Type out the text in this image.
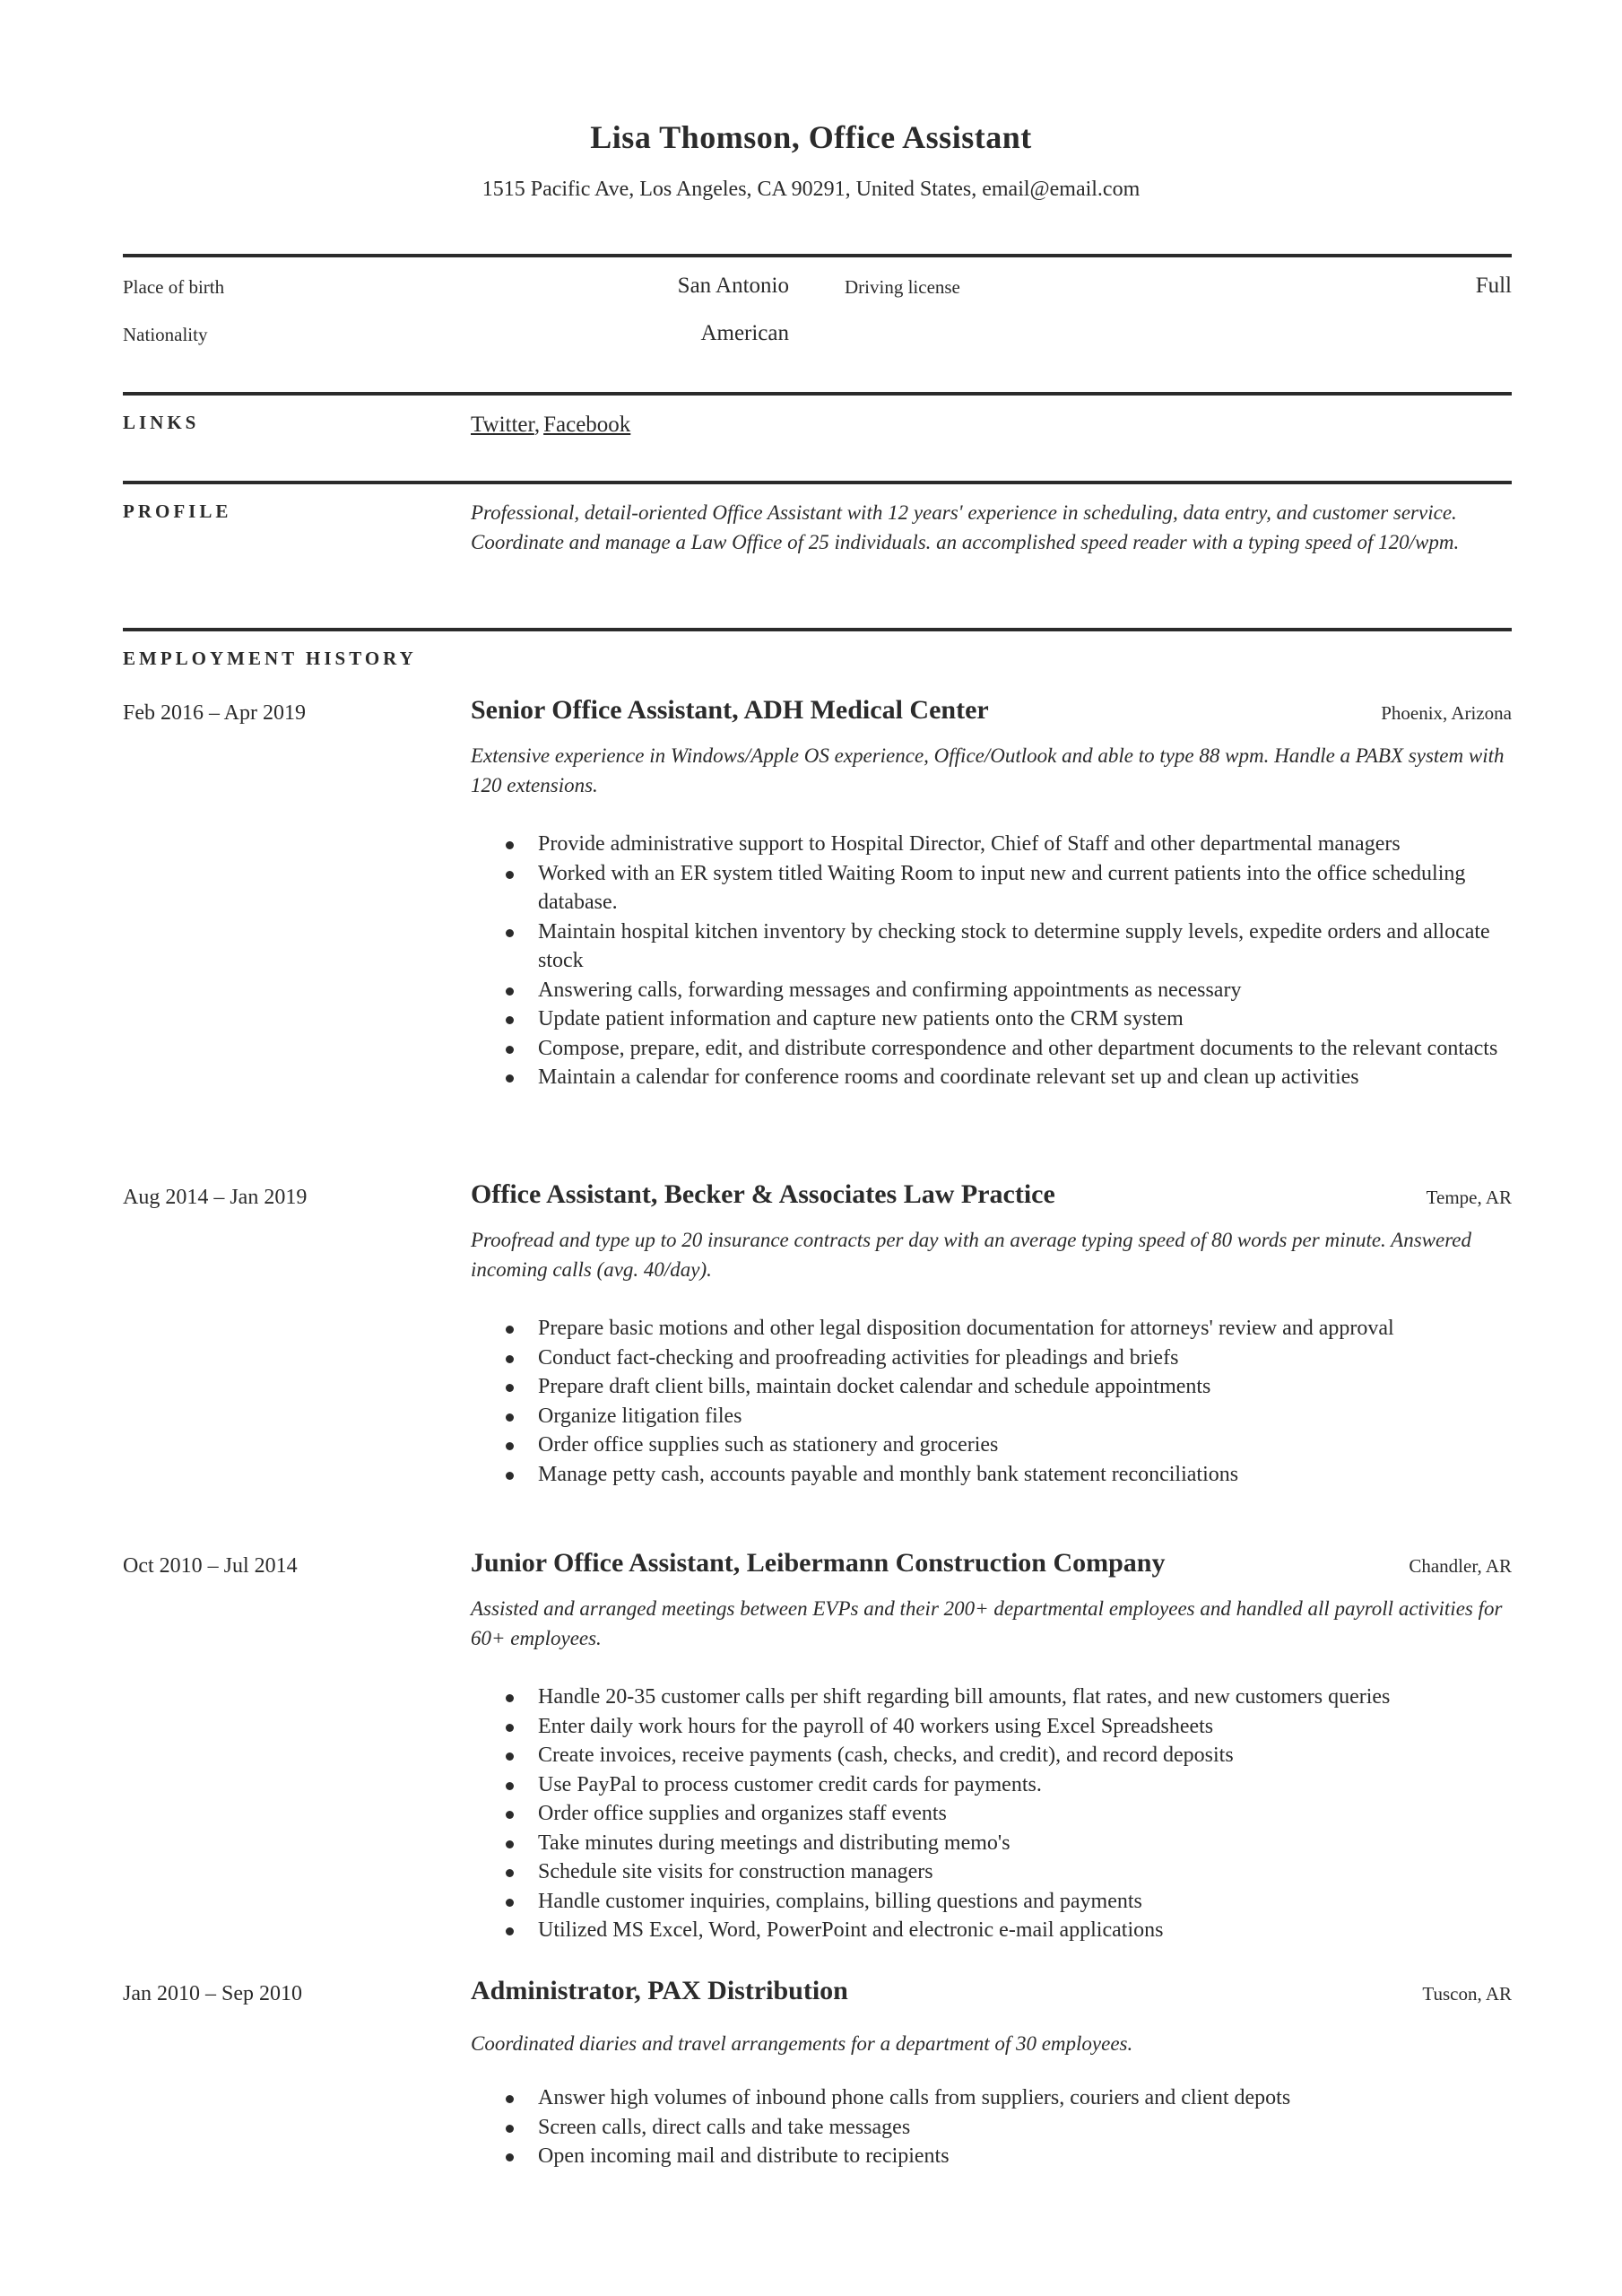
Lisa Thomson, Office Assistant
1515 Pacific Ave, Los Angeles, CA 90291, United States, email@email.com
Place of birth	San Antonio	Driving license	Full
Nationality	American
LINKS	Twitter, Facebook
PROFILE	Professional, detail-oriented Office Assistant with 12 years' experience in scheduling, data entry, and customer service. Coordinate and manage a Law Office of 25 individuals. an accomplished speed reader with a typing speed of 120/wpm.
EMPLOYMENT HISTORY
Feb 2016 – Apr 2019	Senior Office Assistant, ADH Medical Center	Phoenix, Arizona
Extensive experience in Windows/Apple OS experience, Office/Outlook and able to type 88 wpm. Handle a PABX system with 120 extensions.
Provide administrative support to Hospital Director, Chief of Staff and other departmental managers
Worked with an ER system titled Waiting Room to input new and current patients into the office scheduling database.
Maintain hospital kitchen inventory by checking stock to determine supply levels, expedite orders and allocate stock
Answering calls, forwarding messages and confirming appointments as necessary
Update patient information and capture new patients onto the CRM system
Compose, prepare, edit, and distribute correspondence and other department documents to the relevant contacts
Maintain a calendar for conference rooms and coordinate relevant set up and clean up activities
Aug 2014 – Jan 2019	Office Assistant, Becker & Associates Law Practice	Tempe, AR
Proofread and type up to 20 insurance contracts per day with an average typing speed of 80 words per minute. Answered incoming calls (avg. 40/day).
Prepare basic motions and other legal disposition documentation for attorneys' review and approval
Conduct fact-checking and proofreading activities for pleadings and briefs
Prepare draft client bills, maintain docket calendar and schedule appointments
Organize litigation files
Order office supplies such as stationery and groceries
Manage petty cash, accounts payable and monthly bank statement reconciliations
Oct 2010 – Jul 2014	Junior Office Assistant, Leibermann Construction Company	Chandler, AR
Assisted and arranged meetings between EVPs and their 200+ departmental employees and handled all payroll activities for 60+ employees.
Handle 20-35 customer calls per shift regarding bill amounts, flat rates, and new customers queries
Enter daily work hours for the payroll of 40 workers using Excel Spreadsheets
Create invoices, receive payments (cash, checks, and credit), and record deposits
Use PayPal to process customer credit cards for payments.
Order office supplies and organizes staff events
Take minutes during meetings and distributing memo's
Schedule site visits for construction managers
Handle customer inquiries, complains, billing questions and payments
Utilized MS Excel, Word, PowerPoint and electronic e-mail applications
Jan 2010 – Sep 2010	Administrator, PAX Distribution	Tuscon, AR
Coordinated diaries and travel arrangements for a department of 30 employees.
Answer high volumes of inbound phone calls from suppliers, couriers and client depots
Screen calls, direct calls and take messages
Open incoming mail and distribute to recipients
